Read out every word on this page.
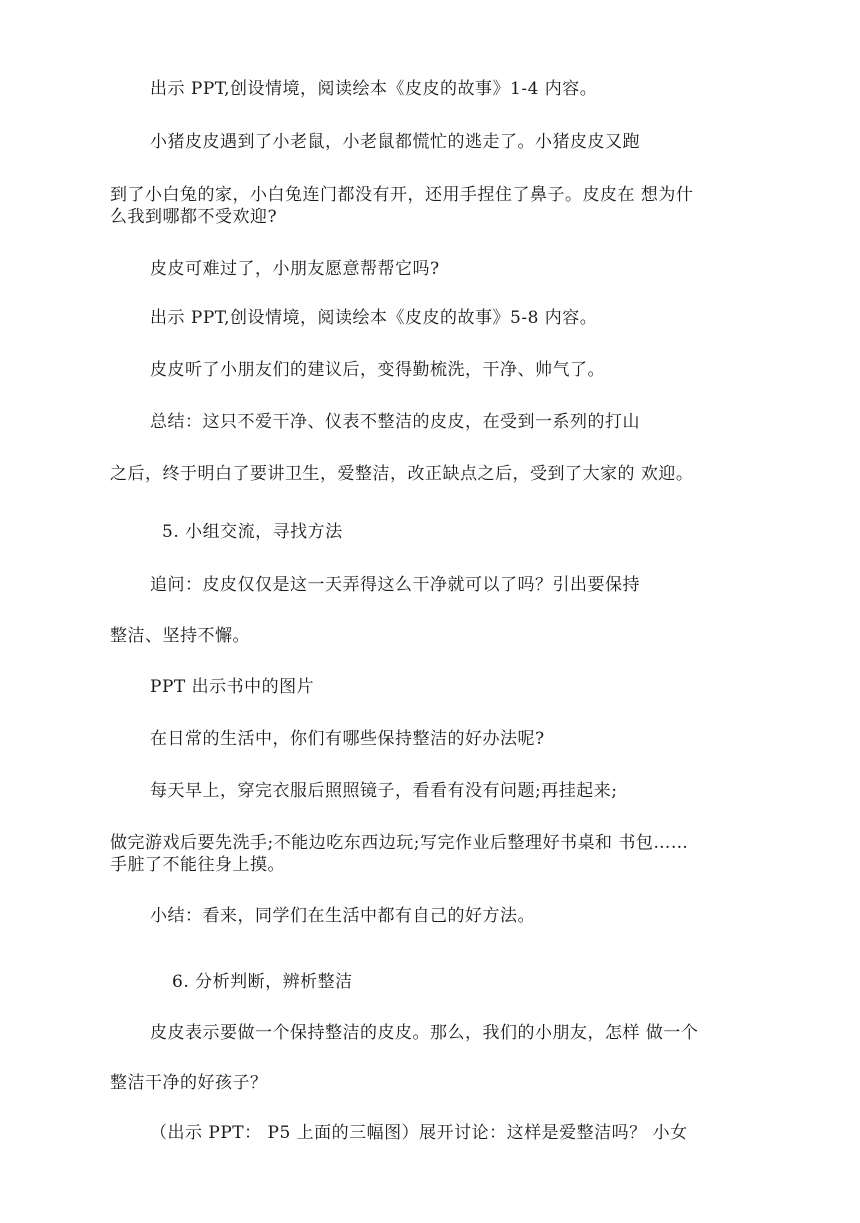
出示 PPT,创设情境，阅读绘本《皮皮的故事》1-4 内容。
小猪皮皮遇到了小老鼠，小老鼠都慌忙的逃走了。小猪皮皮又跑
到了小白兔的家，小白兔连门都没有开，还用手捏住了鼻子。皮皮在 想为什
么我到哪都不受欢迎?
皮皮可难过了，小朋友愿意帮帮它吗?
出示 PPT,创设情境，阅读绘本《皮皮的故事》5-8 内容。
皮皮听了小朋友们的建议后，变得勤梳洗，干净、帅气了。
总结：这只不爱干净、仪表不整洁的皮皮，在受到一系列的打山
之后，终于明白了要讲卫生，爱整洁，改正缺点之后，受到了大家的 欢迎。
5. 小组交流，寻找方法
追问：皮皮仅仅是这一天弄得这么干净就可以了吗？引出要保持
整洁、坚持不懈。
PPT 出示书中的图片
在日常的生活中，你们有哪些保持整洁的好办法呢?
每天早上，穿完衣服后照照镜子，看看有没有问题;再挂起来;
做完游戏后要先洗手;不能边吃东西边玩;写完作业后整理好书桌和 书包……
手脏了不能往身上摸。
小结：看来，同学们在生活中都有自己的好方法。
6. 分析判断，辨析整洁
皮皮表示要做一个保持整洁的皮皮。那么，我们的小朋友，怎样 做一个
整洁干净的好孩子？
（出示 PPT： P5 上面的三幅图）展开讨论：这样是爱整洁吗？ 小女
